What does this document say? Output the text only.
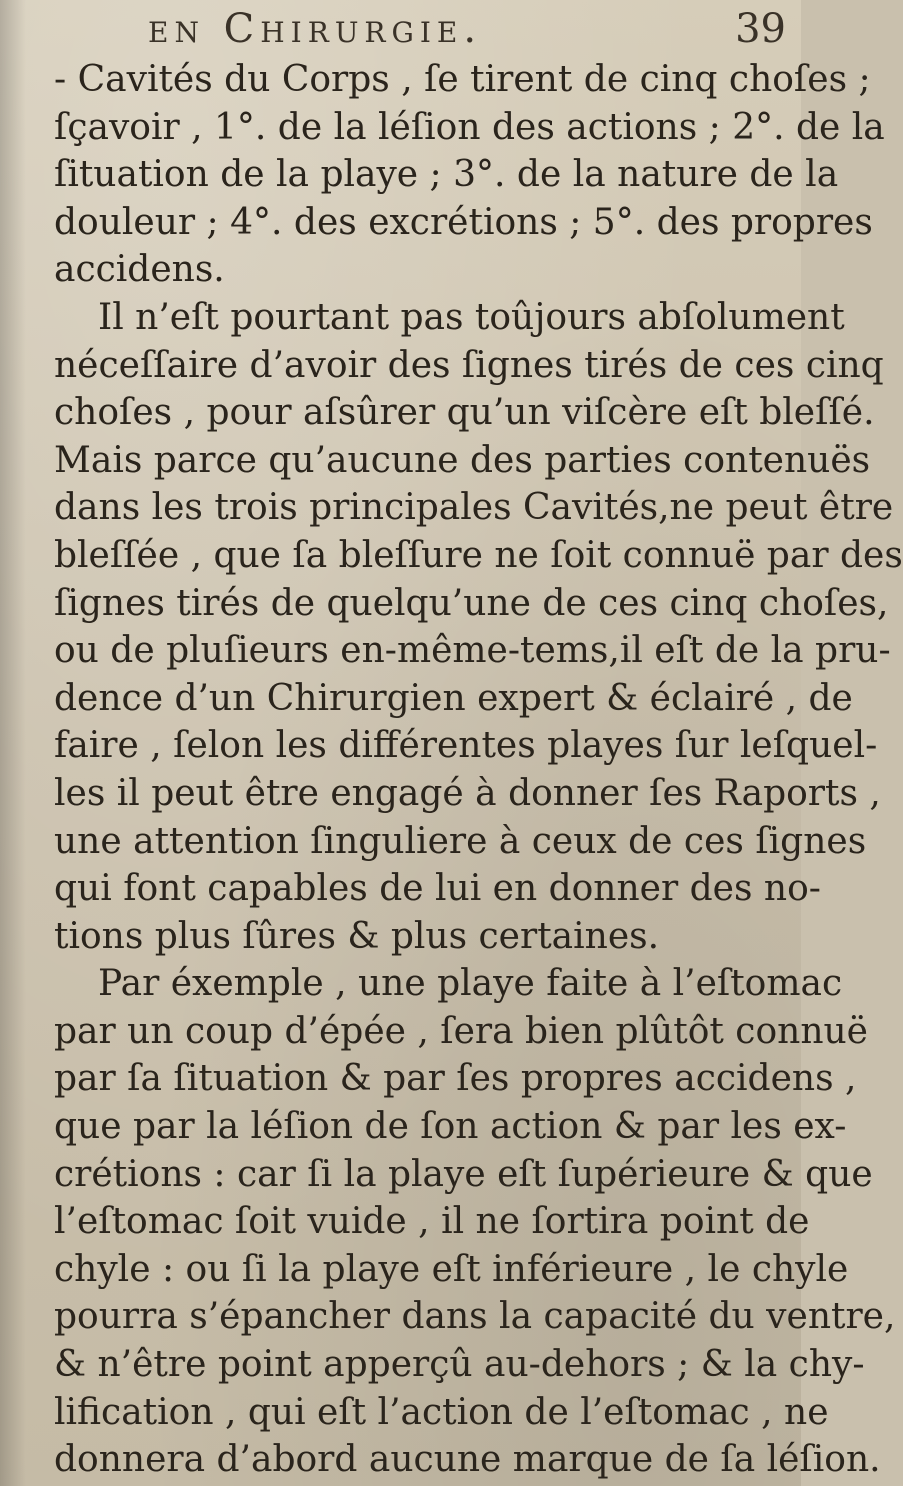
en Chirurgie.	39
- Cavités du Corps , ſe tirent de cinq choſes ;
ſçavoir , 1°. de la léſion des actions ; 2°. de la
ſituation de la playe ; 3°. de la nature de la
douleur ; 4°. des excrétions ; 5°. des propres
accidens.
Il n’eſt pourtant pas toûjours abſolument
néceſſaire d’avoir des ſignes tirés de ces cinq
choſes , pour aſsûrer qu’un viſcère eſt bleſſé.
Mais parce qu’aucune des parties contenuës
dans les trois principales Cavités,ne peut être
bleſſée , que ſa bleſſure ne ſoit connuë par des
ſignes tirés de quelqu’une de ces cinq choſes,
ou de pluſieurs en-même-tems,il eſt de la pru-
dence d’un Chirurgien expert & éclairé , de
faire , ſelon les différentes playes ſur leſquel-
les il peut être engagé à donner ſes Raports ,
une attention ſinguliere à ceux de ces ſignes
qui font capables de lui en donner des no-
tions plus ſûres & plus certaines.
Par éxemple , une playe faite à l’eſtomac
par un coup d’épée , ſera bien plûtôt connuë
par ſa ſituation & par ſes propres accidens ,
que par la léſion de ſon action & par les ex-
crétions : car ſi la playe eſt ſupérieure & que
l’eſtomac ſoit vuide , il ne ſortira point de
chyle : ou ſi la playe eſt inférieure , le chyle
pourra s’épancher dans la capacité du ventre,
& n’être point apperçû au-dehors ; & la chy-
lification , qui eſt l’action de l’eſtomac , ne
donnera d’abord aucune marque de ſa léſion.
